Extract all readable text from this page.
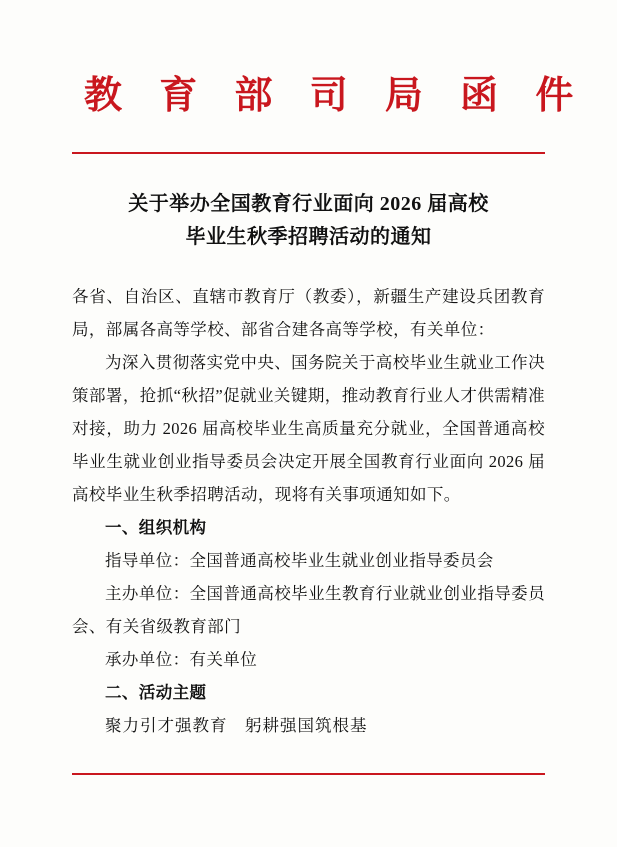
教 育 部 司 局 函 件
关于举办全国教育行业面向 2026 届高校
毕业生秋季招聘活动的通知

各省、自治区、直辖市教育厅（教委），新疆生产建设兵团教育局，部属各高等学校、部省合建各高等学校，有关单位：

为深入贯彻落实党中央、国务院关于高校毕业生就业工作决策部署，抢抓“秋招”促就业关键期，推动教育行业人才供需精准对接，助力 2026 届高校毕业生高质量充分就业，全国普通高校毕业生就业创业指导委员会决定开展全国教育行业面向 2026 届高校毕业生秋季招聘活动，现将有关事项通知如下。

一、组织机构

指导单位：全国普通高校毕业生就业创业指导委员会

主办单位：全国普通高校毕业生教育行业就业创业指导委员会、有关省级教育部门

承办单位：有关单位

二、活动主题

聚力引才强教育　躬耕强国筑根基
